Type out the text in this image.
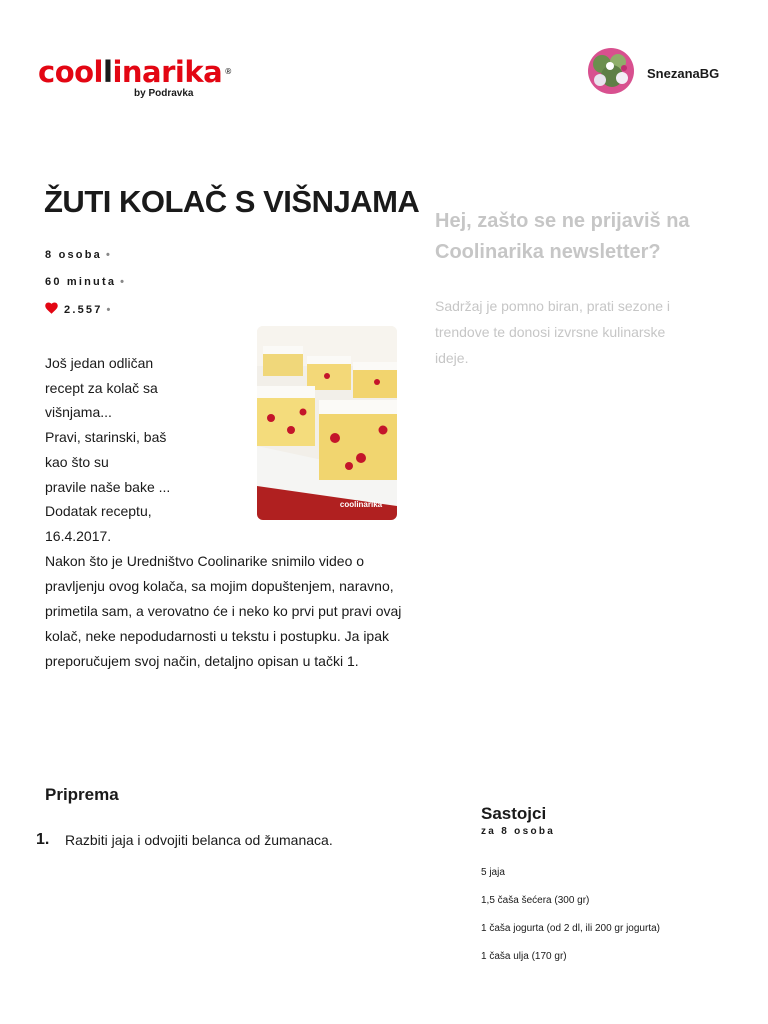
coollinarika ®
by Podravka
SnezanaBG
ŽUTI KOLAČ S VIŠNJAMA
8 osoba •
60 minuta •
2.557 •
Hej, zašto se ne prijaviš na Coolinarika newsletter?
Sadržaj je pomno biran, prati sezone i trendove te donosi izvrsne kulinarske ideje.
Još jedan odličan
recept za kolač sa
višnjama...
Pravi, starinski, baš
kao što su
pravile naše bake ...
Dodatak receptu,
16.4.2017.
coolinarika
Nakon što je Uredništvo Coolinarike snimilo video o pravljenju ovog kolača, sa mojim dopuštenjem, naravno, primetila sam, a verovatno će i neko ko prvi put pravi ovaj kolač, neke nepodudarnosti u tekstu i postupku. Ja ipak preporučujem svoj način, detaljno opisan u tački 1.
Priprema
1. Razbiti jaja i odvojiti belanca od žumanaca.
Sastojci
za 8 osoba
5 jaja
1,5 čaša šećera (300 gr)
1 čaša jogurta (od 2 dl, ili 200 gr jogurta)
1 čaša ulja (170 gr)
